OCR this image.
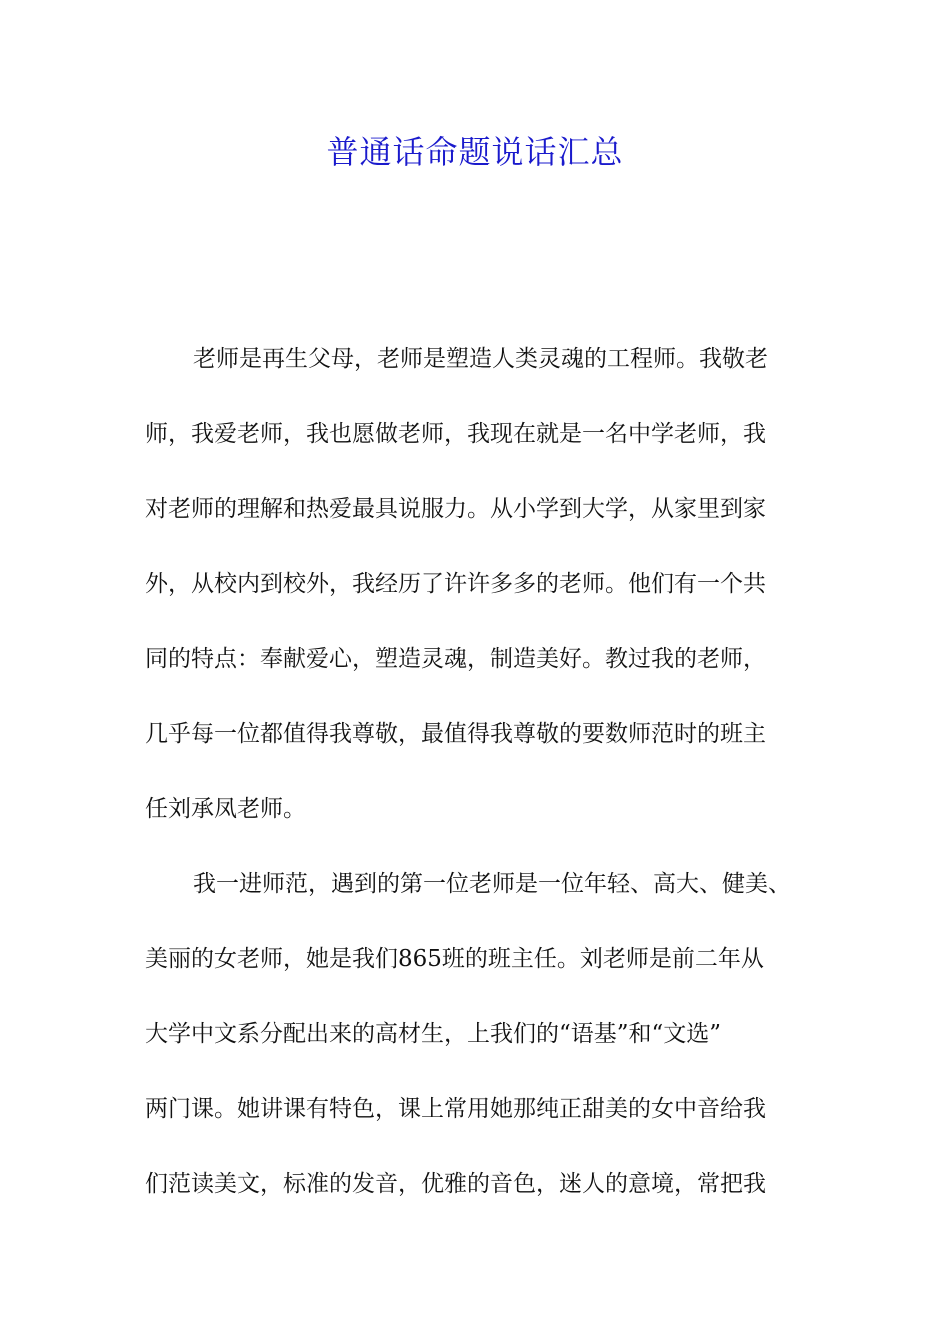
普通话命题说话汇总

老师是再生父母，老师是塑造人类灵魂的工程师。我敬老

师，我爱老师，我也愿做老师，我现在就是一名中学老师，我

对老师的理解和热爱最具说服力。从小学到大学，从家里到家

外，从校内到校外，我经历了许许多多的老师。他们有一个共

同的特点：奉献爱心，塑造灵魂，制造美好。教过我的老师，

几乎每一位都值得我尊敬，最值得我尊敬的要数师范时的班主

任刘承凤老师。

我一进师范，遇到的第一位老师是一位年轻、高大、健美、

美丽的女老师，她是我们865班的班主任。刘老师是前二年从

大学中文系分配出来的高材生，上我们的“语基”和“文选”

两门课。她讲课有特色，课上常用她那纯正甜美的女中音给我

们范读美文，标准的发音，优雅的音色，迷人的意境，常把我
